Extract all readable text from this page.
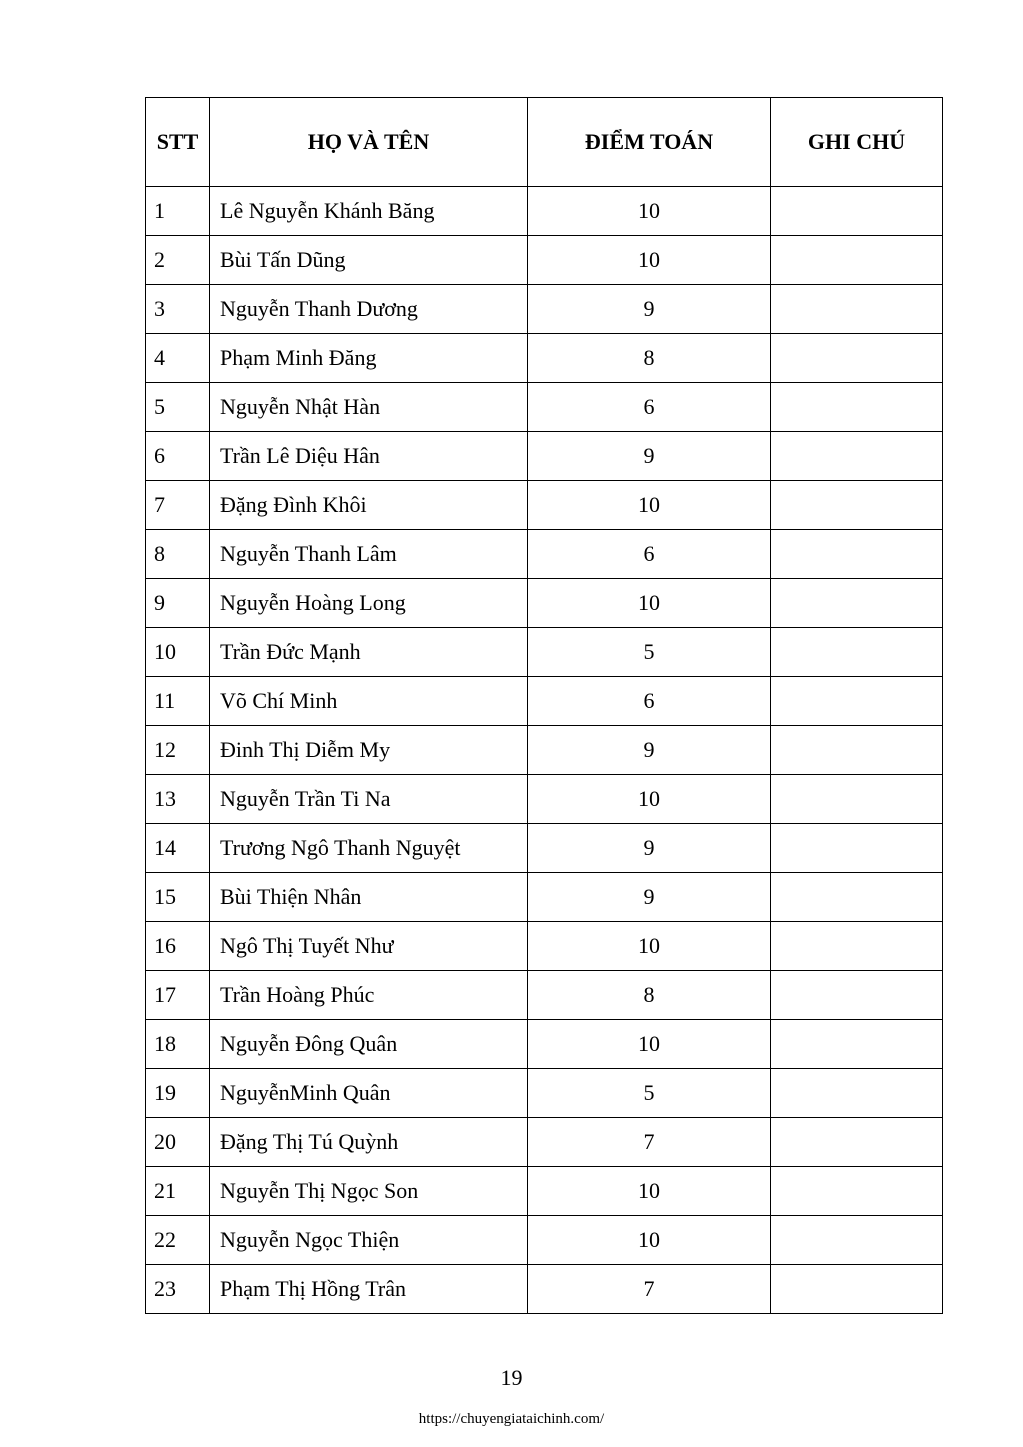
STT	HỌ VÀ TÊN	ĐIỂM TOÁN	GHI CHÚ
1	Lê Nguyễn Khánh Băng	10	
2	Bùi Tấn Dũng	10	
3	Nguyễn Thanh Dương	9	
4	Phạm Minh Đăng	8	
5	Nguyễn Nhật Hàn	6	
6	Trần Lê Diệu Hân	9	
7	Đặng Đình Khôi	10	
8	Nguyễn Thanh Lâm	6	
9	Nguyễn Hoàng Long	10	
10	Trần Đức Mạnh	5	
11	Võ Chí Minh	6	
12	Đinh Thị Diễm My	9	
13	Nguyễn Trần Ti Na	10	
14	Trương Ngô Thanh Nguyệt	9	
15	Bùi Thiện Nhân	9	
16	Ngô Thị Tuyết Như	10	
17	Trần Hoàng Phúc	8	
18	Nguyễn Đông Quân	10	
19	NguyễnMinh Quân	5	
20	Đặng Thị Tú Quỳnh	7	
21	Nguyễn Thị Ngọc Son	10	
22	Nguyễn Ngọc Thiện	10	
23	Phạm Thị Hồng Trân	7	
19
https://chuyengiataichinh.com/
